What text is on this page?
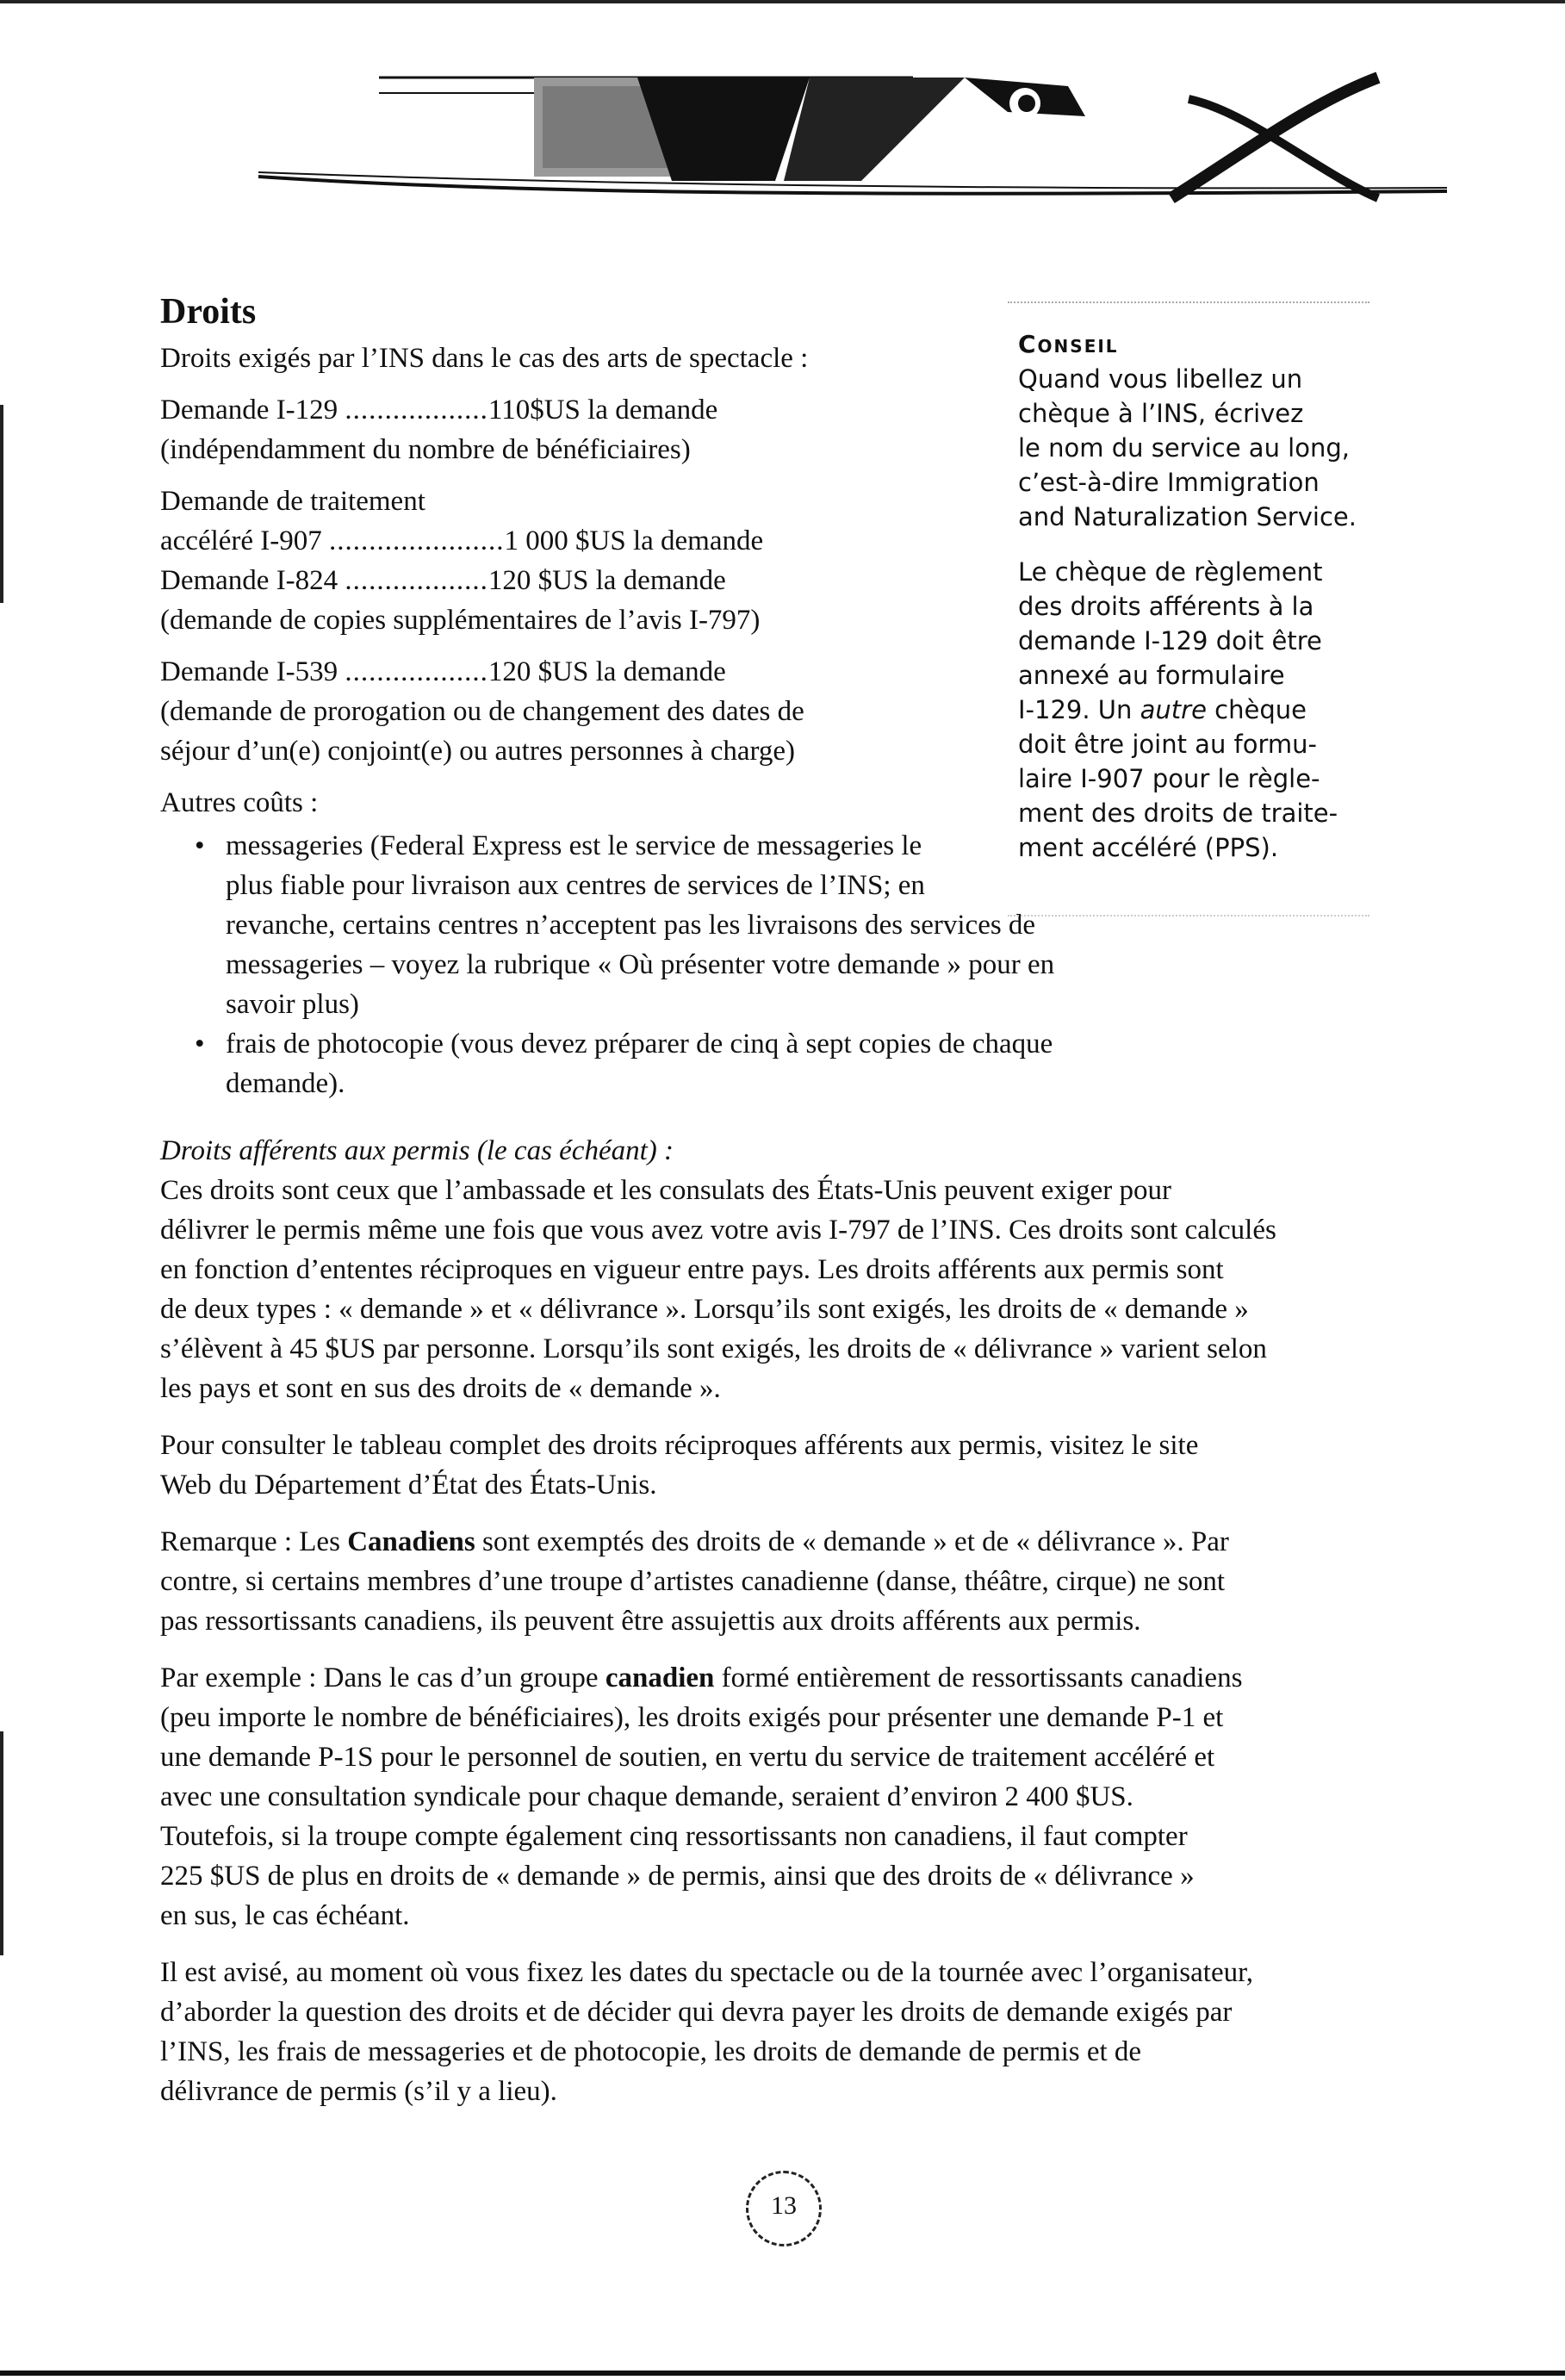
Droits
Droits exigés par l’INS dans le cas des arts de spectacle :
Demande I-129 ..................110$US la demande
(indépendamment du nombre de bénéficiaires)
Demande de traitement
accéléré I-907 ......................1 000 $US la demande
Demande I-824 ..................120 $US la demande
(demande de copies supplémentaires de l’avis I-797)
Demande I-539 ..................120 $US la demande
(demande de prorogation ou de changement des dates de
séjour d’un(e) conjoint(e) ou autres personnes à charge)
Autres coûts :
• messageries (Federal Express est le service de messageries le
plus fiable pour livraison aux centres de services de l’INS; en
revanche, certains centres n’acceptent pas les livraisons des services de
messageries – voyez la rubrique « Où présenter votre demande » pour en
savoir plus)
• frais de photocopie (vous devez préparer de cinq à sept copies de chaque
demande).
Droits afférents aux permis (le cas échéant) :
Ces droits sont ceux que l’ambassade et les consulats des États-Unis peuvent exiger pour
délivrer le permis même une fois que vous avez votre avis I-797 de l’INS. Ces droits sont calculés
en fonction d’ententes réciproques en vigueur entre pays. Les droits afférents aux permis sont
de deux types : « demande » et « délivrance ». Lorsqu’ils sont exigés, les droits de « demande »
s’élèvent à 45 $US par personne. Lorsqu’ils sont exigés, les droits de « délivrance » varient selon
les pays et sont en sus des droits de « demande ».
Pour consulter le tableau complet des droits réciproques afférents aux permis, visitez le site
Web du Département d’État des États-Unis.
Remarque : Les Canadiens sont exemptés des droits de « demande » et de « délivrance ». Par
contre, si certains membres d’une troupe d’artistes canadienne (danse, théâtre, cirque) ne sont
pas ressortissants canadiens, ils peuvent être assujettis aux droits afférents aux permis.
Par exemple : Dans le cas d’un groupe canadien formé entièrement de ressortissants canadiens
(peu importe le nombre de bénéficiaires), les droits exigés pour présenter une demande P-1 et
une demande P-1S pour le personnel de soutien, en vertu du service de traitement accéléré et
avec une consultation syndicale pour chaque demande, seraient d’environ 2 400 $US.
Toutefois, si la troupe compte également cinq ressortissants non canadiens, il faut compter
225 $US de plus en droits de « demande » de permis, ainsi que des droits de « délivrance »
en sus, le cas échéant.
Il est avisé, au moment où vous fixez les dates du spectacle ou de la tournée avec l’organisateur,
d’aborder la question des droits et de décider qui devra payer les droits de demande exigés par
l’INS, les frais de messageries et de photocopie, les droits de demande de permis et de
délivrance de permis (s’il y a lieu).
Conseil
Quand vous libellez un
chèque à l’INS, écrivez
le nom du service au long,
c’est-à-dire Immigration
and Naturalization Service.
Le chèque de règlement
des droits afférents à la
demande I-129 doit être
annexé au formulaire
I-129. Un autre chèque
doit être joint au formu-
laire I-907 pour le règle-
ment des droits de traite-
ment accéléré (PPS).
13
